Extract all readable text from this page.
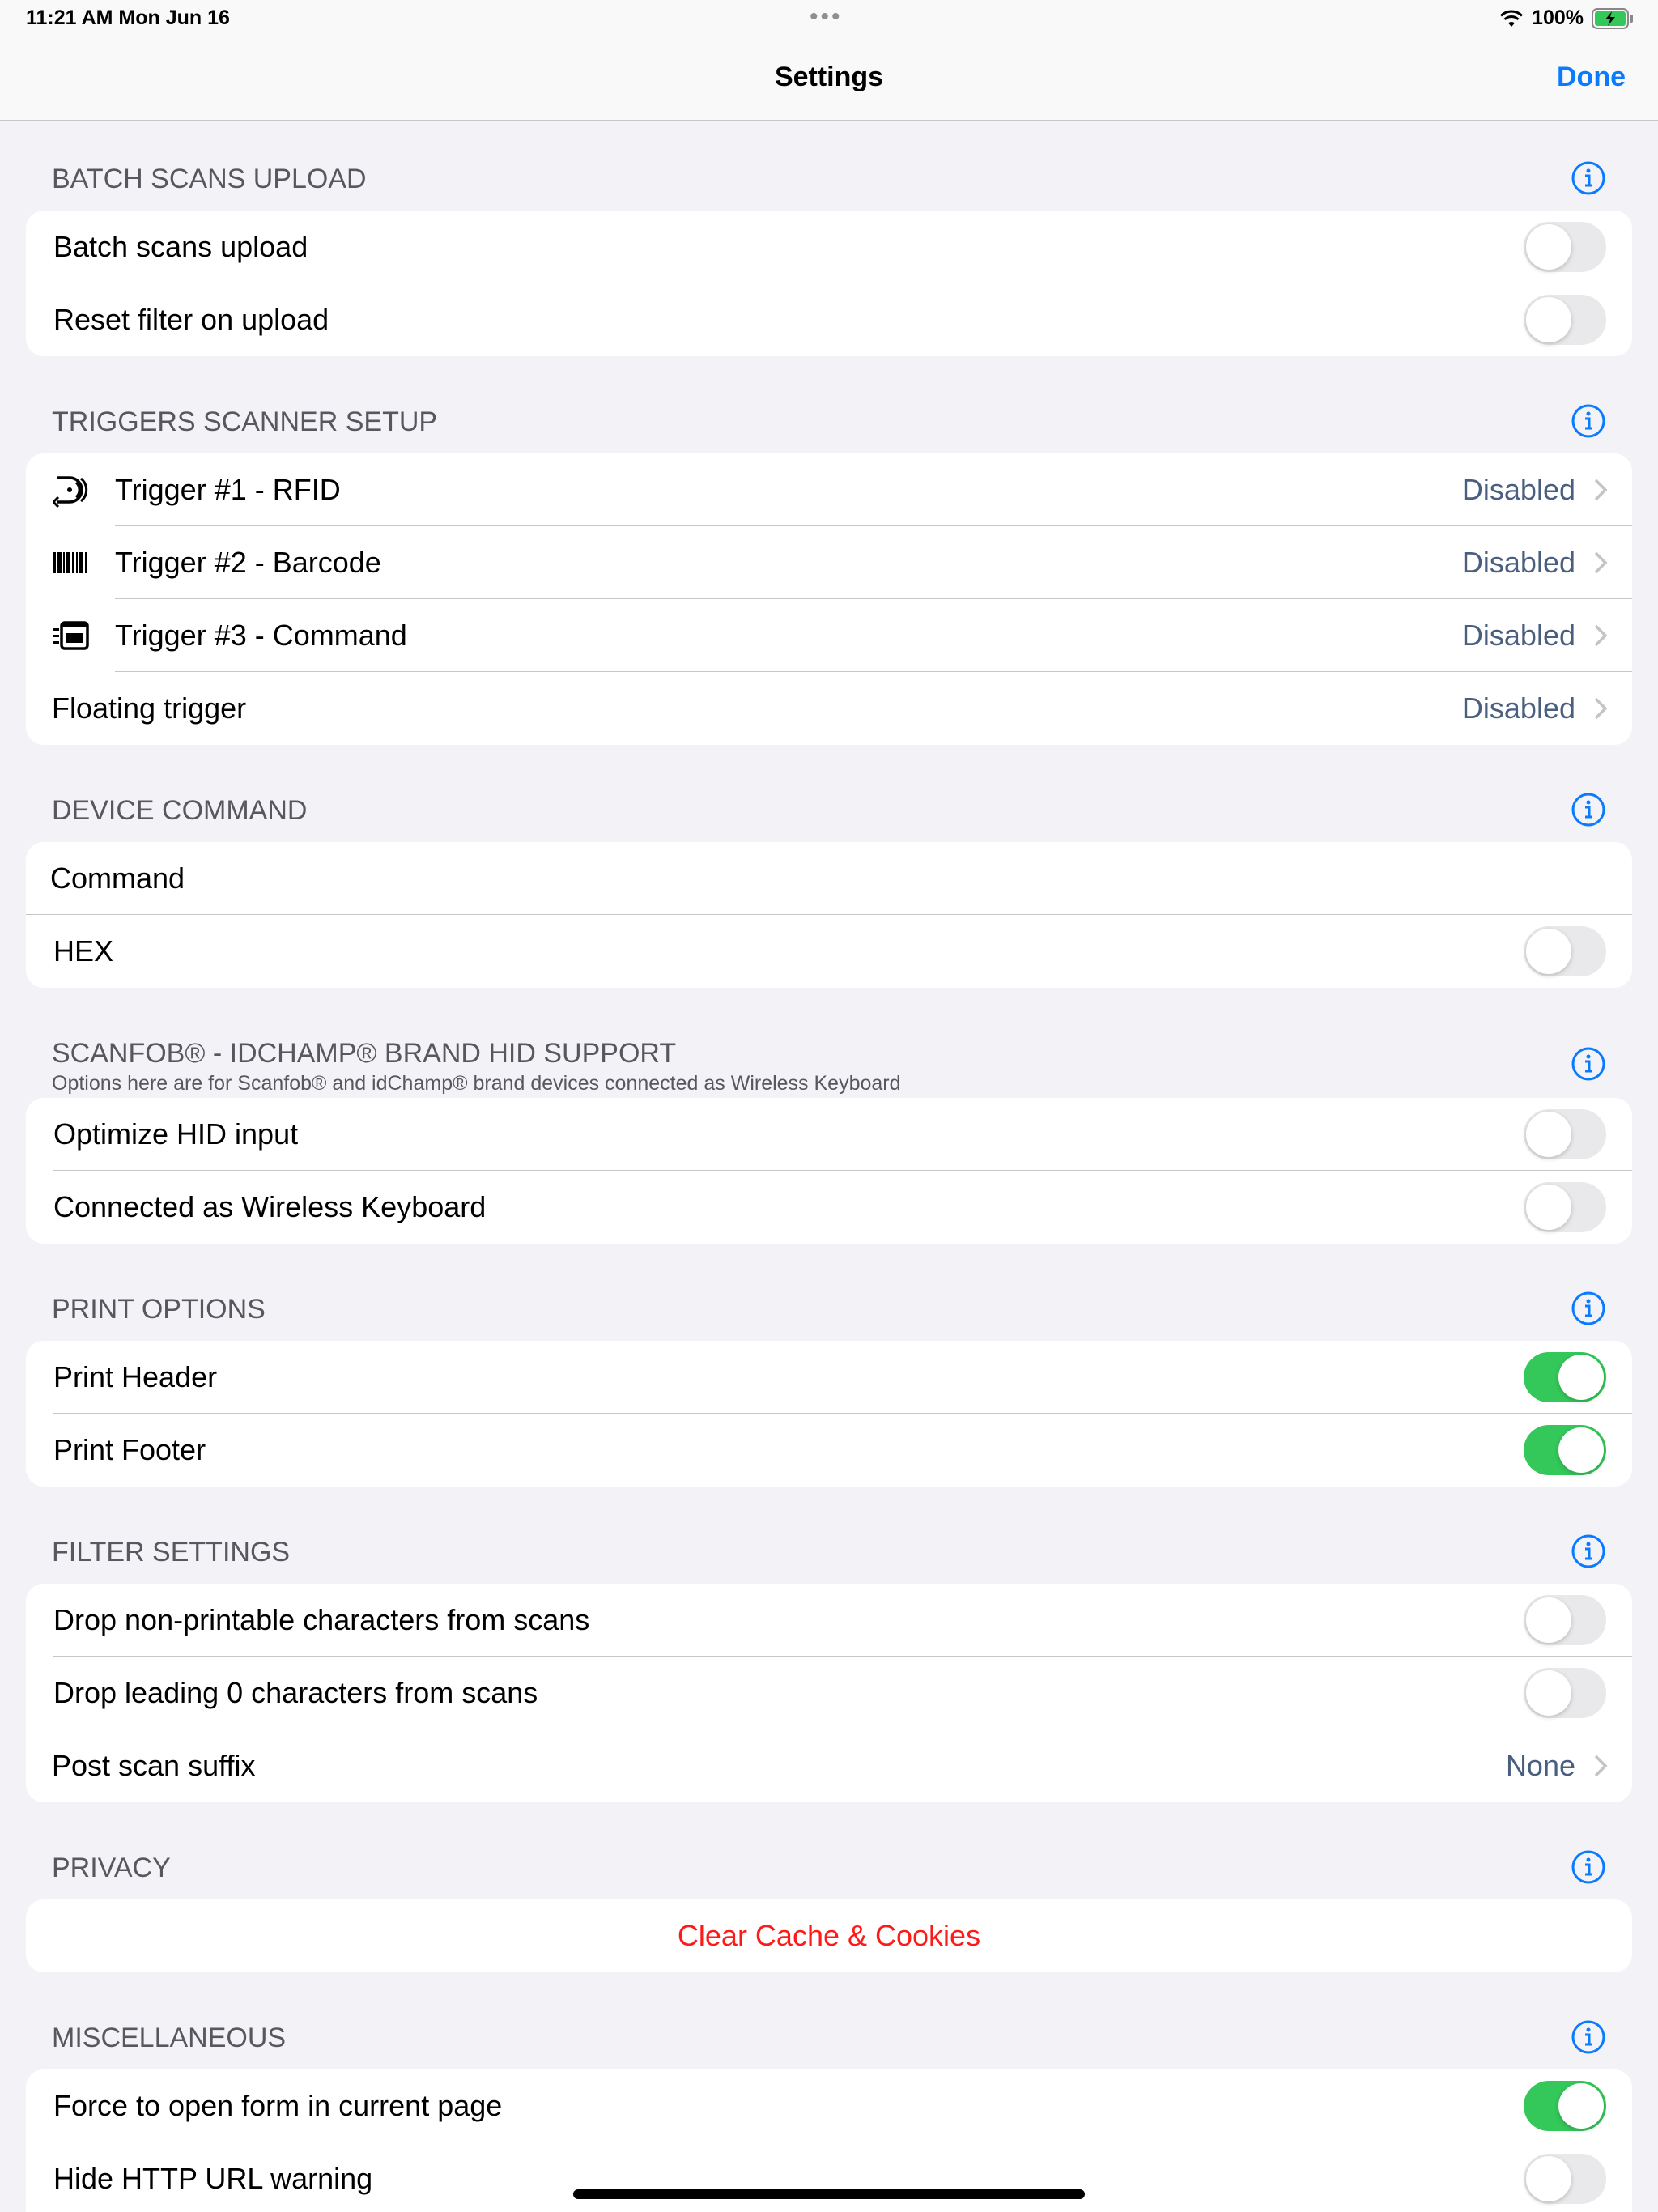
11:21 AM Mon Jun 16	•••	100%
Settings	Done
BATCH SCANS UPLOAD
Batch scans upload
Reset filter on upload
TRIGGERS SCANNER SETUP
Trigger #1 - RFID	Disabled
Trigger #2 - Barcode	Disabled
Trigger #3 - Command	Disabled
Floating trigger	Disabled
DEVICE COMMAND
Command
HEX
SCANFOB® - IDCHAMP® BRAND HID SUPPORT
Options here are for Scanfob® and idChamp® brand devices connected as Wireless Keyboard
Optimize HID input
Connected as Wireless Keyboard
PRINT OPTIONS
Print Header
Print Footer
FILTER SETTINGS
Drop non-printable characters from scans
Drop leading 0 characters from scans
Post scan suffix	None
PRIVACY
Clear Cache & Cookies
MISCELLANEOUS
Force to open form in current page
Hide HTTP URL warning
